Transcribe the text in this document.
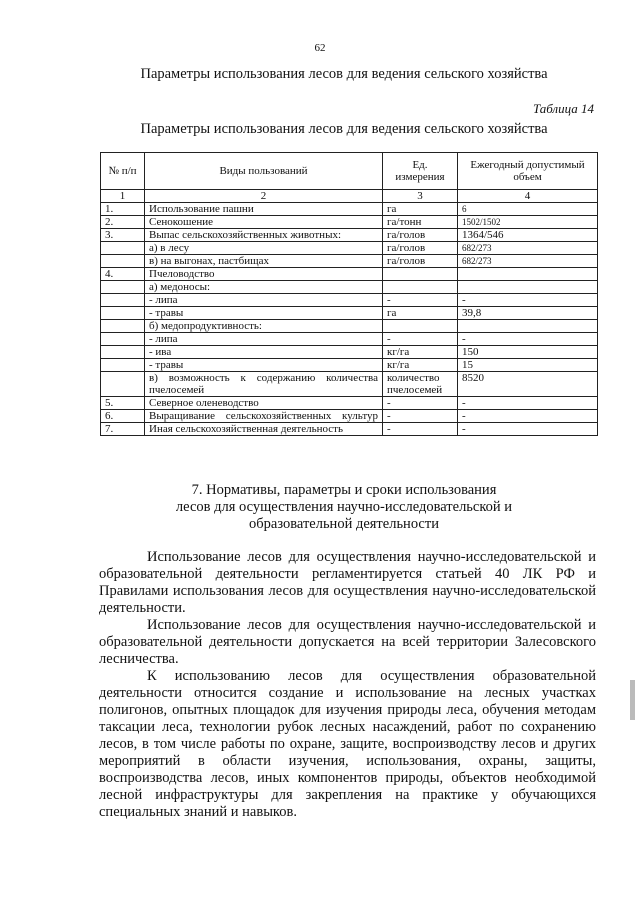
62
Параметры использования лесов для ведения сельского хозяйства
Таблица 14
Параметры использования лесов для ведения сельского хозяйства
№ п/п	Виды пользований	Ед. измерения	Ежегодный допустимый объем
1	2	3	4
1.	Использование пашни	га	6
2.	Сенокошение	га/тонн	1502/1502
3.	Выпас сельскохозяйственных животных:	га/голов	1364/546
	а) в лесу	га/голов	682/273
	в) на выгонах, пастбищах	га/голов	682/273
4.	Пчеловодство		
	а) медоносы:		
	- липа	-	-
	- травы	га	39,8
	б) медопродуктивность:		
	- липа	-	-
	- ива	кг/га	150
	- травы	кг/га	15
	в) возможность к содержанию количества пчелосемей	количество пчелосемей	8520
5.	Северное оленеводство	-	-
6.	Выращивание сельскохозяйственных культур	-	-
7.	Иная сельскохозяйственная деятельность	-	-
7. Нормативы, параметры и сроки использования
лесов для осуществления научно-исследовательской и
образовательной деятельности

Использование лесов для осуществления научно-исследовательской и образовательной деятельности регламентируется статьей 40 ЛК РФ и Правилами использования лесов для осуществления научно-исследовательской деятельности.

Использование лесов для осуществления научно-исследовательской и образовательной деятельности допускается на всей территории Залесовского лесничества.

К использованию лесов для осуществления образовательной деятельности относится создание и использование на лесных участках полигонов, опытных площадок для изучения природы леса, обучения методам таксации леса, технологии рубок лесных насаждений, работ по сохранению лесов, в том числе работы по охране, защите, воспроизводству лесов и других мероприятий в области изучения, использования, охраны, защиты, воспроизводства лесов, иных компонентов природы, объектов необходимой лесной инфраструктуры для закрепления на практике у обучающихся специальных знаний и навыков.
